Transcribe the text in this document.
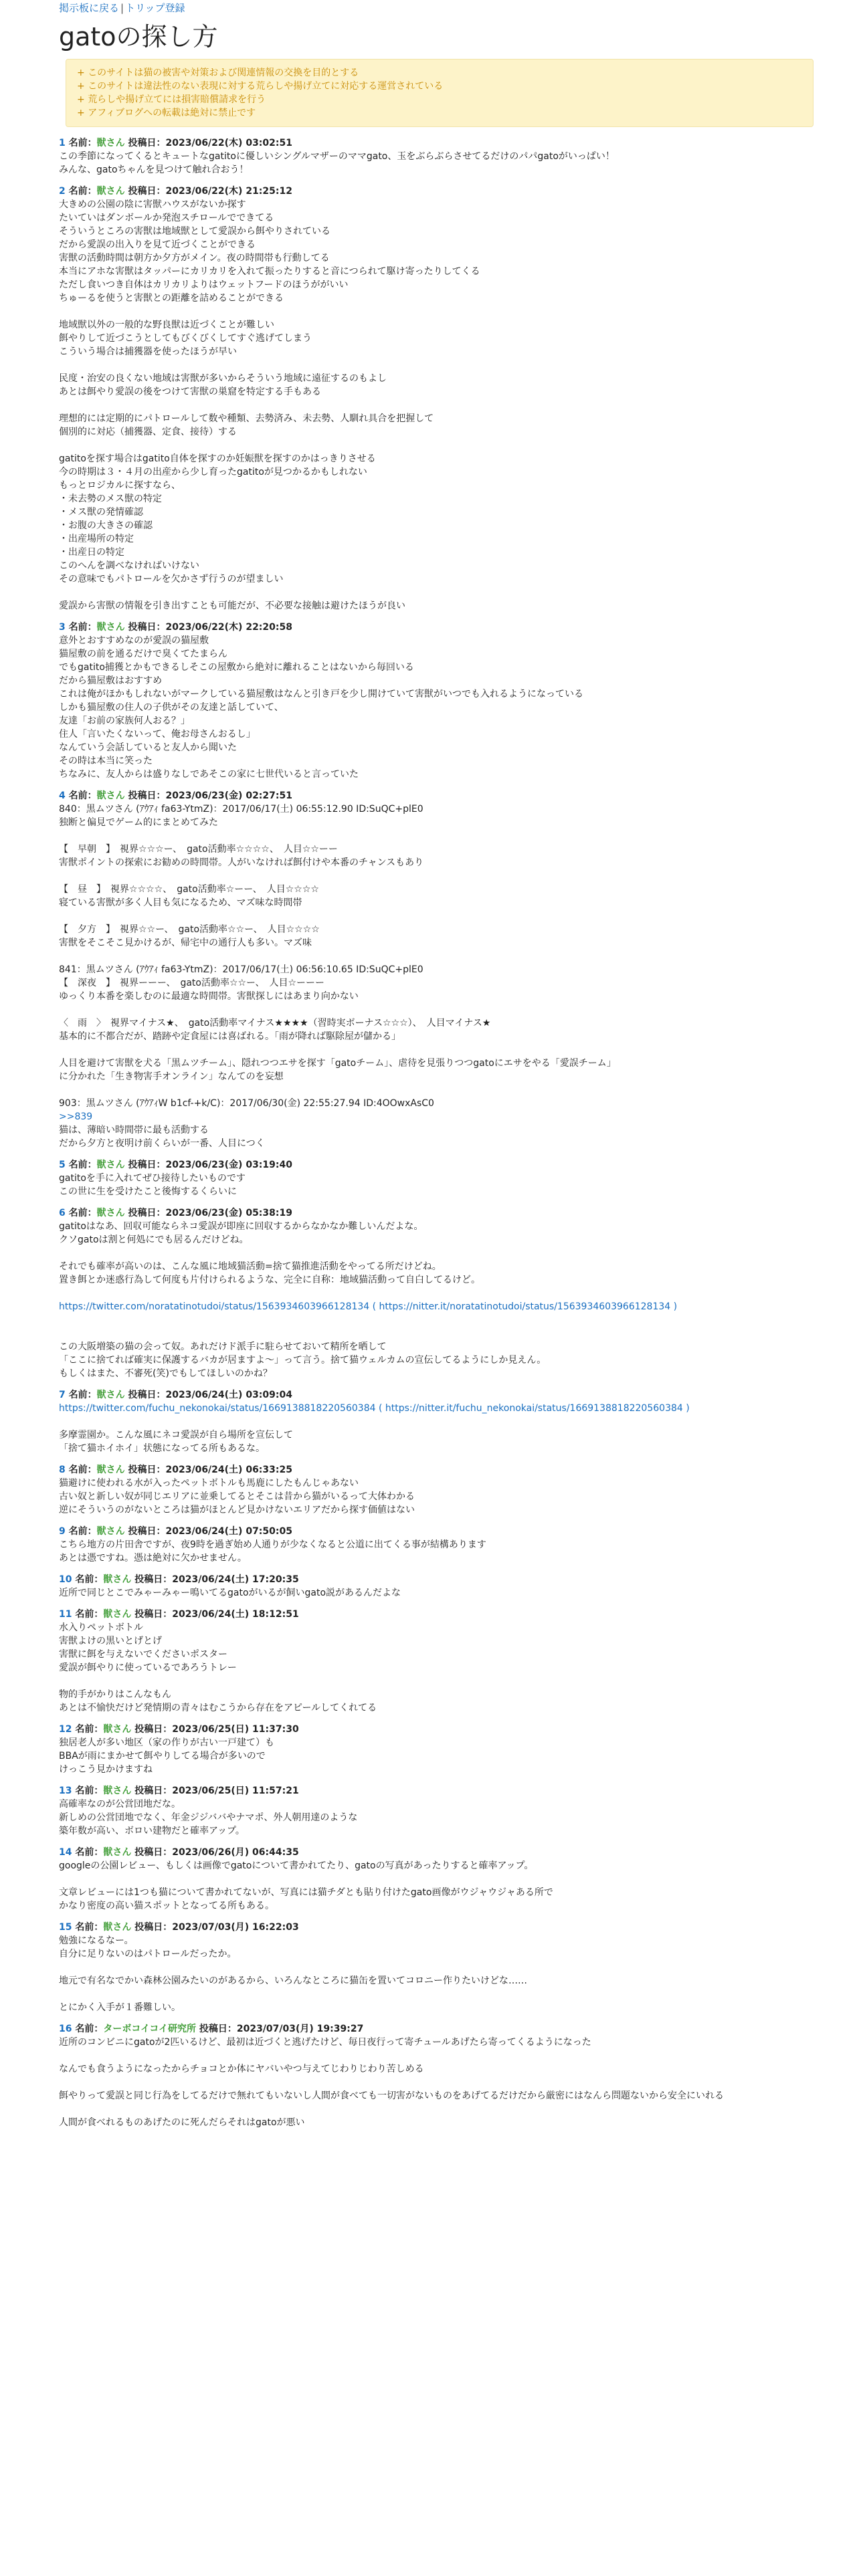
掲示板に戻る | トリップ登録
gatoの探し方
+ このサイトは猫の被害や対策および関連情報の交換を目的とする
+ このサイトは違法性のない表現に対する荒らしや揚げ立てに対応する運営されている
+ 荒らしや揚げ立てには損害賠償請求を行う
+ アフィブログへの転載は絶対に禁止です
1 名前：獣さん 投稿日：2023/06/22(木) 03:02:51
この季節になってくるとキュートなgatitoに優しいシングルマザーのママgato、玉をぶらぶらさせてるだけのパパgatoがいっぱい！
みんな、gatoちゃんを見つけて触れ合おう！
2 名前：獣さん 投稿日：2023/06/22(木) 21:25:12
大きめの公園の陰に害獣ハウスがないか探す
たいていはダンボールか発泡スチロールでできてる
そういうところの害獣は地域獣として愛誤から餌やりされている
だから愛誤の出入りを見て近づくことができる
害獣の活動時間は朝方か夕方がメイン。夜の時間帯も行動してる
本当にアホな害獣はタッパーにカリカリを入れて振ったりすると音につられて駆け寄ったりしてくる
ただし食いつき自体はカリカリよりはウェットフードのほうががいい
ちゅーるを使うと害獣との距離を詰めることができる
地域獣以外の一般的な野良獣は近づくことが難しい
餌やりして近づこうとしてもびくびくしてすぐ逃げてしまう
こういう場合は捕獲器を使ったほうが早い
民度・治安の良くない地域は害獣が多いからそういう地域に遠征するのもよし
あとは餌やり愛誤の後をつけて害獣の巣窟を特定する手もある
理想的には定期的にパトロールして数や種類、去勢済み、未去勢、人馴れ具合を把握して
個別的に対応（捕獲器、定食、接待）する
gatitoを探す場合はgatito自体を探すのか妊娠獣を探すのかはっきりさせる
今の時期は３・４月の出産から少し育ったgatitoが見つかるかもしれない
もっとロジカルに探すなら、
・未去勢のメス獣の特定
・メス獣の発情確認
・お腹の大きさの確認
・出産場所の特定
・出産日の特定
このへんを調べなければいけない
その意味でもパトロールを欠かさず行うのが望ましい
愛誤から害獣の情報を引き出すことも可能だが、不必要な接触は避けたほうが良い
3 名前：獣さん 投稿日：2023/06/22(木) 22:20:58
意外とおすすめなのが愛誤の猫屋敷
猫屋敷の前を通るだけで臭くてたまらん
でもgatito捕獲とかもできるしそこの屋敷から絶対に離れることはないから毎回いる
だから猫屋敷はおすすめ
これは俺がほかもしれないがマークしている猫屋敷はなんと引き戸を少し開けていて害獣がいつでも入れるようになっている
しかも猫屋敷の住人の子供がその友達と話していて、
友達「お前の家族何人おる？」
住人「言いたくないって、俺お母さんおるし」
なんていう会話していると友人から聞いた
その時は本当に笑った
ちなみに、友人からは盛りなしであそこの家に七世代いると言っていた
4 名前：獣さん 投稿日：2023/06/23(金) 02:27:51
840：黒ムツさん (ｱｳｱｨ fa63-YtmZ)：2017/06/17(土) 06:55:12.90 ID:SuQC+plE0
独断と偏見でゲーム的にまとめてみた
【　早朝　】　視界☆☆☆ー、　gato活動率☆☆☆☆、　人目☆☆ーー
害獣ポイントの探索にお勧めの時間帯。人がいなければ餌付けや本番のチャンスもあり
【　昼　】　視界☆☆☆☆、　gato活動率☆ーー、　人目☆☆☆☆
寝ている害獣が多く人目も気になるため、マズ味な時間帯
【　夕方　】　視界☆☆ー、　gato活動率☆☆ー、　人目☆☆☆☆
害獣をそこそこ見かけるが、帰宅中の通行人も多い。マズ味
841：黒ムツさん (ｱｳｱｨ fa63-YtmZ)：2017/06/17(土) 06:56:10.65 ID:SuQC+plE0
【　深夜　】　視界ーーー、　gato活動率☆☆ー、　人目☆ーーー
ゆっくり本番を楽しむのに最適な時間帯。害獣探しにはあまり向かない
〈　雨　〉　視界マイナス★、　gato活動率マイナス★★★★（習時実ボーナス☆☆☆）、　人目マイナス★
基本的に不都合だが、踏跡や定食屋には喜ばれる。「雨が降れば駆除屋が儲かる」
人目を避けて害獣を犬る「黒ムツチーム」、隠れつつエサを探す「gatoチーム」、虐待を見張りつつgatoにエサをやる「愛誤チーム」
に分かれた「生き物害手オンライン」なんてのを妄想
903：黒ムツさん (ｱｳｱｨW b1cf-+k/C)：2017/06/30(金) 22:55:27.94 ID:4OOwxAsC0
>>839
猫は、薄暗い時間帯に最も活動する
だから夕方と夜明け前くらいが一番、人目につく
5 名前：獣さん 投稿日：2023/06/23(金) 03:19:40
gatitoを手に入れてぜひ接待したいものです
この世に生を受けたこと後悔するくらいに
6 名前：獣さん 投稿日：2023/06/23(金) 05:38:19
gatitoはなあ、回収可能ならネコ愛誤が即座に回収するからなかなか難しいんだよな。
クソgatoは割と何処にでも居るんだけどね。
それでも確率が高いのは、こんな風に地域猫活動=捨て猫推進活動をやってる所だけどね。
置き餌とか迷惑行為して何度も片付けられるような、完全に自称：地域猫活動って自白してるけど。
https://twitter.com/noratatinotudoi/status/1563934603966128134 ( https://nitter.it/noratatinotudoi/status/1563934603966128134 )
この大阪増築の猫の会って奴。あれだけド派手に駐らせておいて精所を晒して
「ここに捨てれば確実に保護するバカが居ますよ～」って言う。捨て猫ウェルカムの宣伝してるようにしか見えん。
もしくはまた、不審死(笑)でもしてほしいのかね？
7 名前：獣さん 投稿日：2023/06/24(土) 03:09:04
https://twitter.com/fuchu_nekonokai/status/1669138818220560384 ( https://nitter.it/fuchu_nekonokai/status/1669138818220560384 )
多摩霊園か。こんな風にネコ愛誤が自ら場所を宣伝して
「捨て猫ホイホイ」状態になってる所もあるな。
8 名前：獣さん 投稿日：2023/06/24(土) 06:33:25
猫避けに使われる水が入ったペットボトルも馬鹿にしたもんじゃあない
古い奴と新しい奴が同じエリアに並乗してるとそこは昔から猫がいるって大体わかる
逆にそういうのがないところは猫がほとんど見かけないエリアだから探す価値はない
9 名前：獣さん 投稿日：2023/06/24(土) 07:50:05
こちら地方の片田舎ですが、夜9時を過ぎ始め人通りが少なくなると公道に出てくる事が結構あります
あとは憑ですね。憑は絶対に欠かせません。
10 名前：獣さん 投稿日：2023/06/24(土) 17:20:35
近所で同じとこでみゃーみゃー鳴いてるgatoがいるが飼いgato説があるんだよな
11 名前：獣さん 投稿日：2023/06/24(土) 18:12:51
水入りペットボトル
害獣よけの黒いとげとげ
害獣に餌を与えないでくださいポスター
愛誤が餌やりに使っているであろうトレー
物的手がかりはこんなもん
あとは不愉快だけど発情期の青々はむこうから存在をアピールしてくれてる
12 名前：獣さん 投稿日：2023/06/25(日) 11:37:30
独居老人が多い地区（家の作りが古い一戸建て）も
BBAが雨にまかせて餌やりしてる場合が多いので
けっこう見かけますね
13 名前：獣さん 投稿日：2023/06/25(日) 11:57:21
高確率なのが公営団地だな。
新しめの公営団地でなく、年金ジジババやナマポ、外人朝用達のような
築年数が高い、ボロい建物だと確率アップ。
14 名前：獣さん 投稿日：2023/06/26(月) 06:44:35
googleの公園レビュー、もしくは画像でgatoについて書かれてたり、gatoの写真があったりすると確率アップ。
文章レビューには1つも猫について書かれてないが、写真には猫チダとも貼り付けたgato画像がウジャウジャある所で
かなり密度の高い猫スポットとなってる所もある。
15 名前：獣さん 投稿日：2023/07/03(月) 16:22:03
勉強になるなー。
自分に足りないのはパトロールだったか。
地元で有名なでかい森林公園みたいのがあるから、いろんなところに猫缶を置いてコロニー作りたいけどな……
とにかく入手が１番難しい。
16 名前：ターボコイコイ研究所 投稿日：2023/07/03(月) 19:39:27
近所のコンビニにgatoが2匹いるけど、最初は近づくと逃げたけど、毎日夜行って寄チュールあげたら寄ってくるようになった
なんでも食うようになったからチョコとか体にヤバいやつ与えてじわりじわり苦しめる
餌やりって愛誤と同じ行為をしてるだけで無れてもいないし人間が食べても一切害がないものをあげてるだけだから厳密にはなんら問題ないから安全にいれる
人間が食べれるものあげたのに死んだらそれはgatoが悪い
